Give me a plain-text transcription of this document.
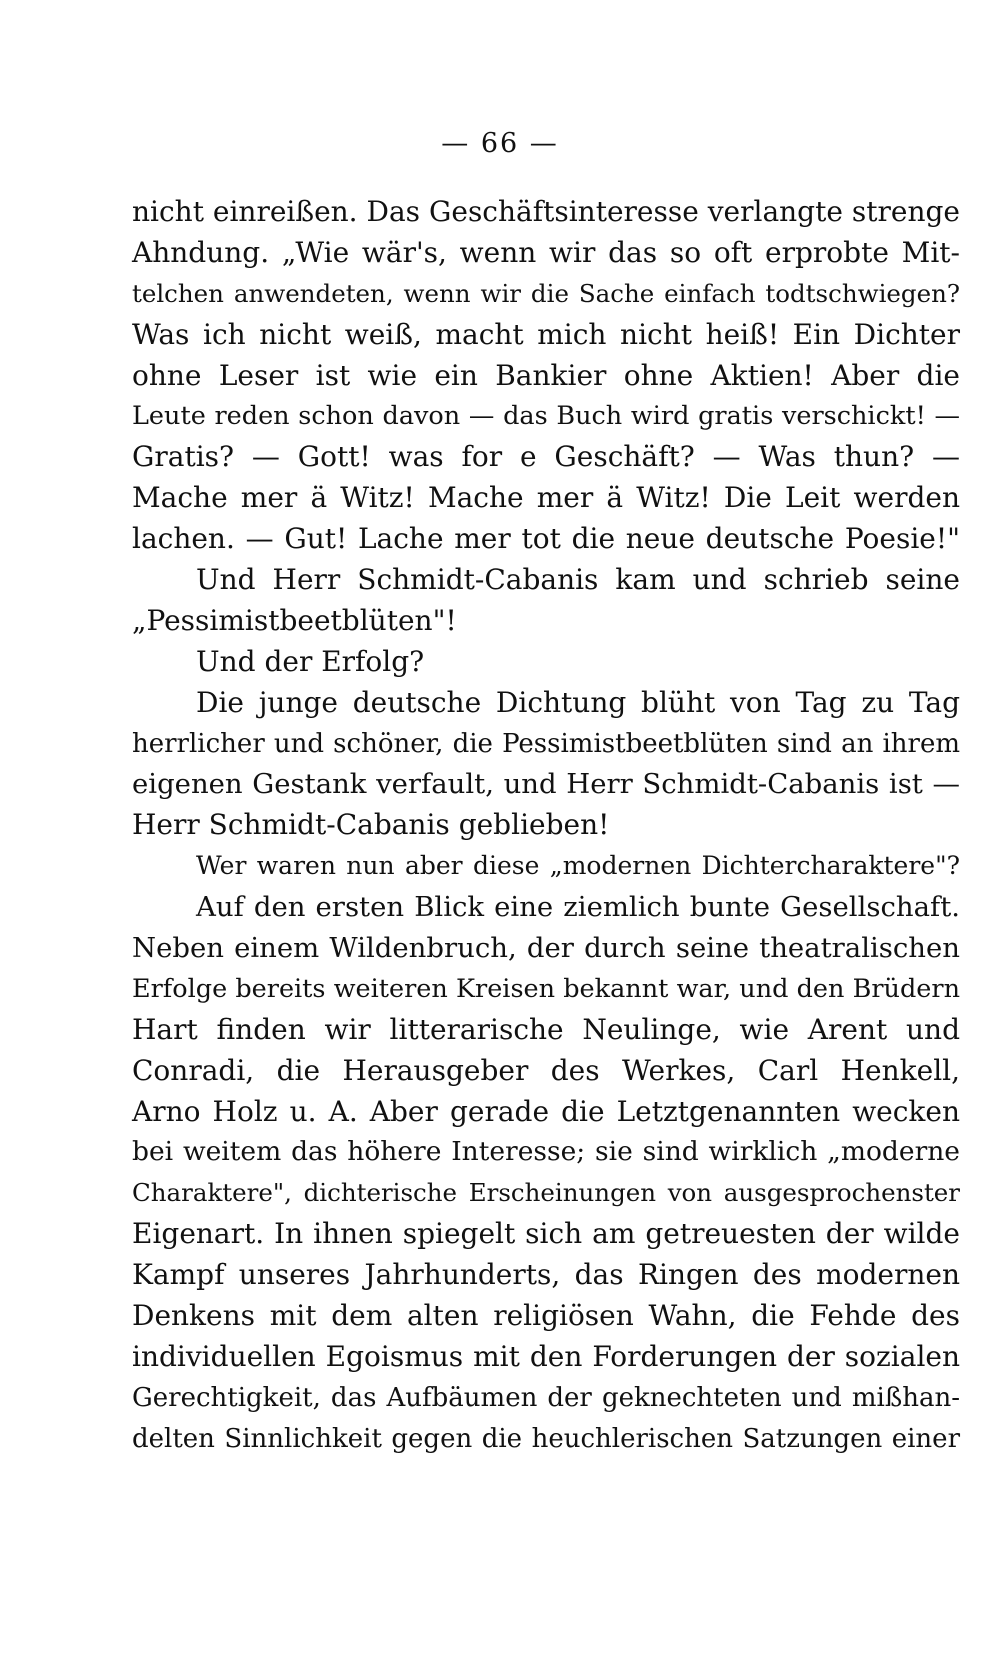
— 66 —
nicht einreißen. Das Geschäftsinteresse verlangte strenge
Ahndung. „Wie wär's, wenn wir das so oft erprobte Mit-
telchen anwendeten, wenn wir die Sache einfach todtschwiegen?
Was ich nicht weiß, macht mich nicht heiß! Ein Dichter
ohne Leser ist wie ein Bankier ohne Aktien! Aber die
Leute reden schon davon — das Buch wird gratis verschickt! —
Gratis? — Gott! was for e Geschäft? — Was thun? —
Mache mer ä Witz! Mache mer ä Witz! Die Leit werden
lachen. — Gut! Lache mer tot die neue deutsche Poesie!"
Und Herr Schmidt-Cabanis kam und schrieb seine
„Pessimistbeetblüten"!
Und der Erfolg?
Die junge deutsche Dichtung blüht von Tag zu Tag
herrlicher und schöner, die Pessimistbeetblüten sind an ihrem
eigenen Gestank verfault, und Herr Schmidt-Cabanis ist —
Herr Schmidt-Cabanis geblieben!
Wer waren nun aber diese „modernen Dichtercharaktere"?
Auf den ersten Blick eine ziemlich bunte Gesellschaft.
Neben einem Wildenbruch, der durch seine theatralischen
Erfolge bereits weiteren Kreisen bekannt war, und den Brüdern
Hart finden wir litterarische Neulinge, wie Arent und
Conradi, die Herausgeber des Werkes, Carl Henkell,
Arno Holz u. A. Aber gerade die Letztgenannten wecken
bei weitem das höhere Interesse; sie sind wirklich „moderne
Charaktere", dichterische Erscheinungen von ausgesprochenster
Eigenart. In ihnen spiegelt sich am getreuesten der wilde
Kampf unseres Jahrhunderts, das Ringen des modernen
Denkens mit dem alten religiösen Wahn, die Fehde des
individuellen Egoismus mit den Forderungen der sozialen
Gerechtigkeit, das Aufbäumen der geknechteten und mißhan-
delten Sinnlichkeit gegen die heuchlerischen Satzungen einer
